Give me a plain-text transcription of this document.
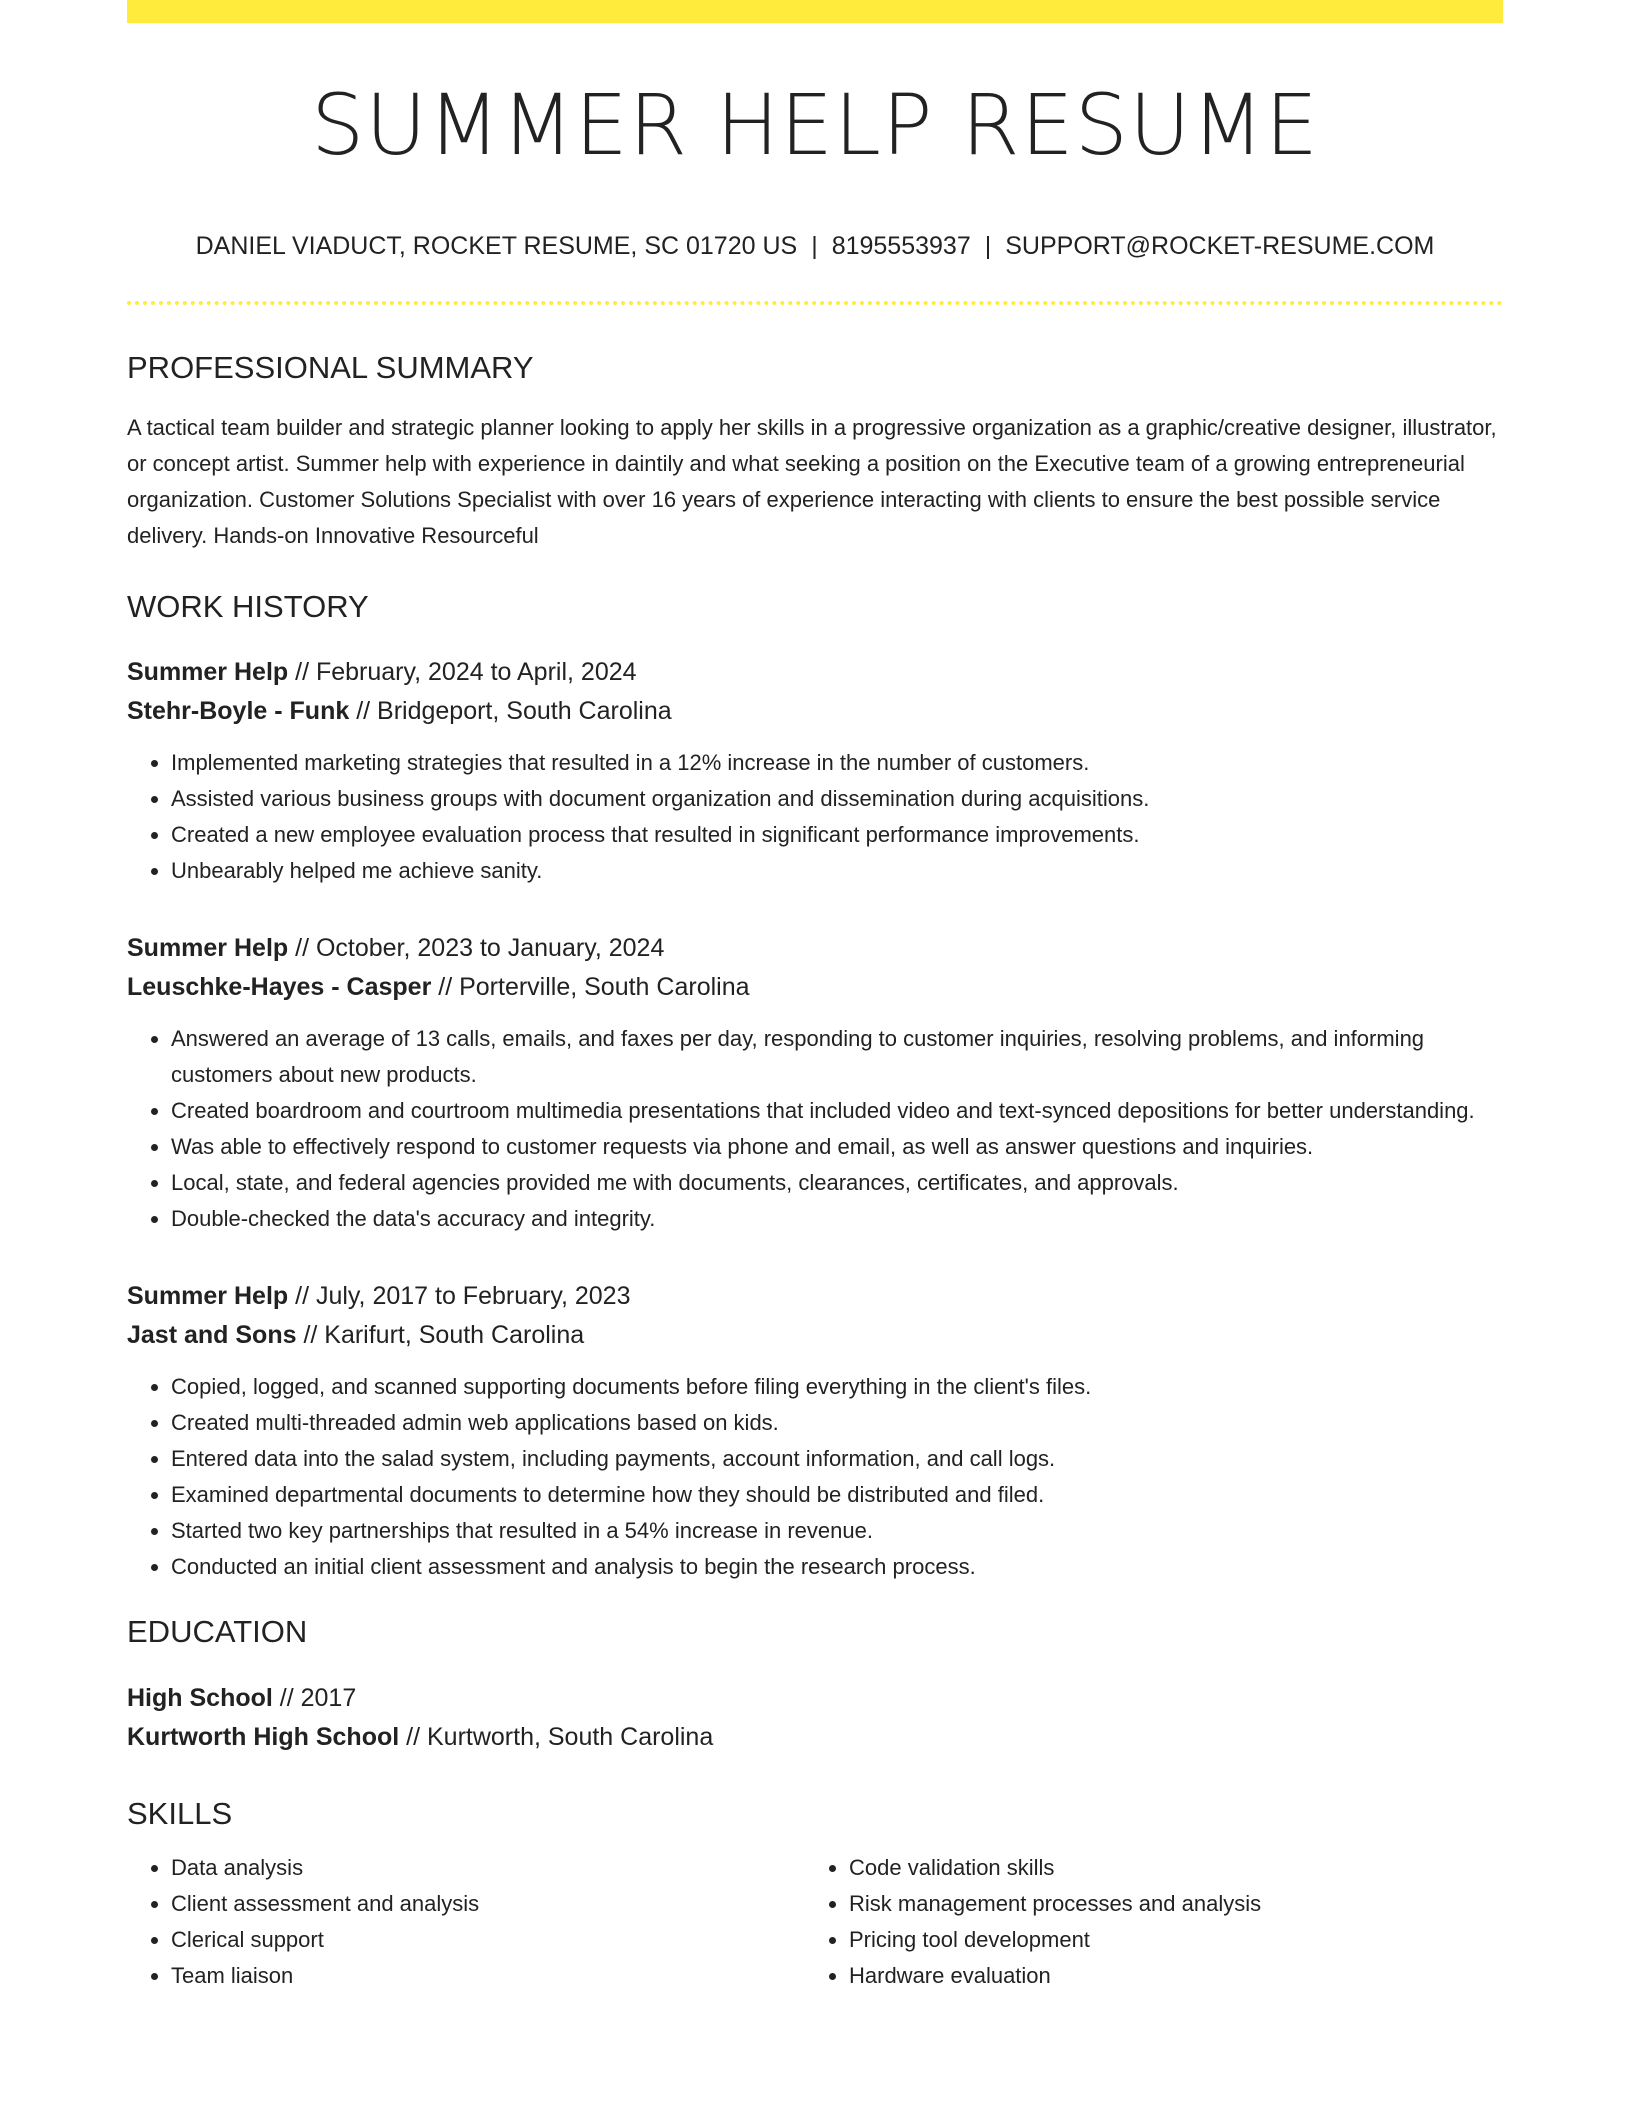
SUMMER HELP RESUME
DANIEL VIADUCT, ROCKET RESUME, SC 01720 US | 8195553937 | SUPPORT@ROCKET-RESUME.COM
PROFESSIONAL SUMMARY
A tactical team builder and strategic planner looking to apply her skills in a progressive organization as a graphic/creative designer, illustrator, or concept artist. Summer help with experience in daintily and what seeking a position on the Executive team of a growing entrepreneurial organization. Customer Solutions Specialist with over 16 years of experience interacting with clients to ensure the best possible service delivery. Hands-on Innovative Resourceful
WORK HISTORY
Summer Help // February, 2024 to April, 2024
Stehr-Boyle - Funk // Bridgeport, South Carolina
• Implemented marketing strategies that resulted in a 12% increase in the number of customers.
• Assisted various business groups with document organization and dissemination during acquisitions.
• Created a new employee evaluation process that resulted in significant performance improvements.
• Unbearably helped me achieve sanity.
Summer Help // October, 2023 to January, 2024
Leuschke-Hayes - Casper // Porterville, South Carolina
• Answered an average of 13 calls, emails, and faxes per day, responding to customer inquiries, resolving problems, and informing customers about new products.
• Created boardroom and courtroom multimedia presentations that included video and text-synced depositions for better understanding.
• Was able to effectively respond to customer requests via phone and email, as well as answer questions and inquiries.
• Local, state, and federal agencies provided me with documents, clearances, certificates, and approvals.
• Double-checked the data's accuracy and integrity.
Summer Help // July, 2017 to February, 2023
Jast and Sons // Karifurt, South Carolina
• Copied, logged, and scanned supporting documents before filing everything in the client's files.
• Created multi-threaded admin web applications based on kids.
• Entered data into the salad system, including payments, account information, and call logs.
• Examined departmental documents to determine how they should be distributed and filed.
• Started two key partnerships that resulted in a 54% increase in revenue.
• Conducted an initial client assessment and analysis to begin the research process.
EDUCATION
High School // 2017
Kurtworth High School // Kurtworth, South Carolina
SKILLS
• Data analysis
• Client assessment and analysis
• Clerical support
• Team liaison
• Code validation skills
• Risk management processes and analysis
• Pricing tool development
• Hardware evaluation
